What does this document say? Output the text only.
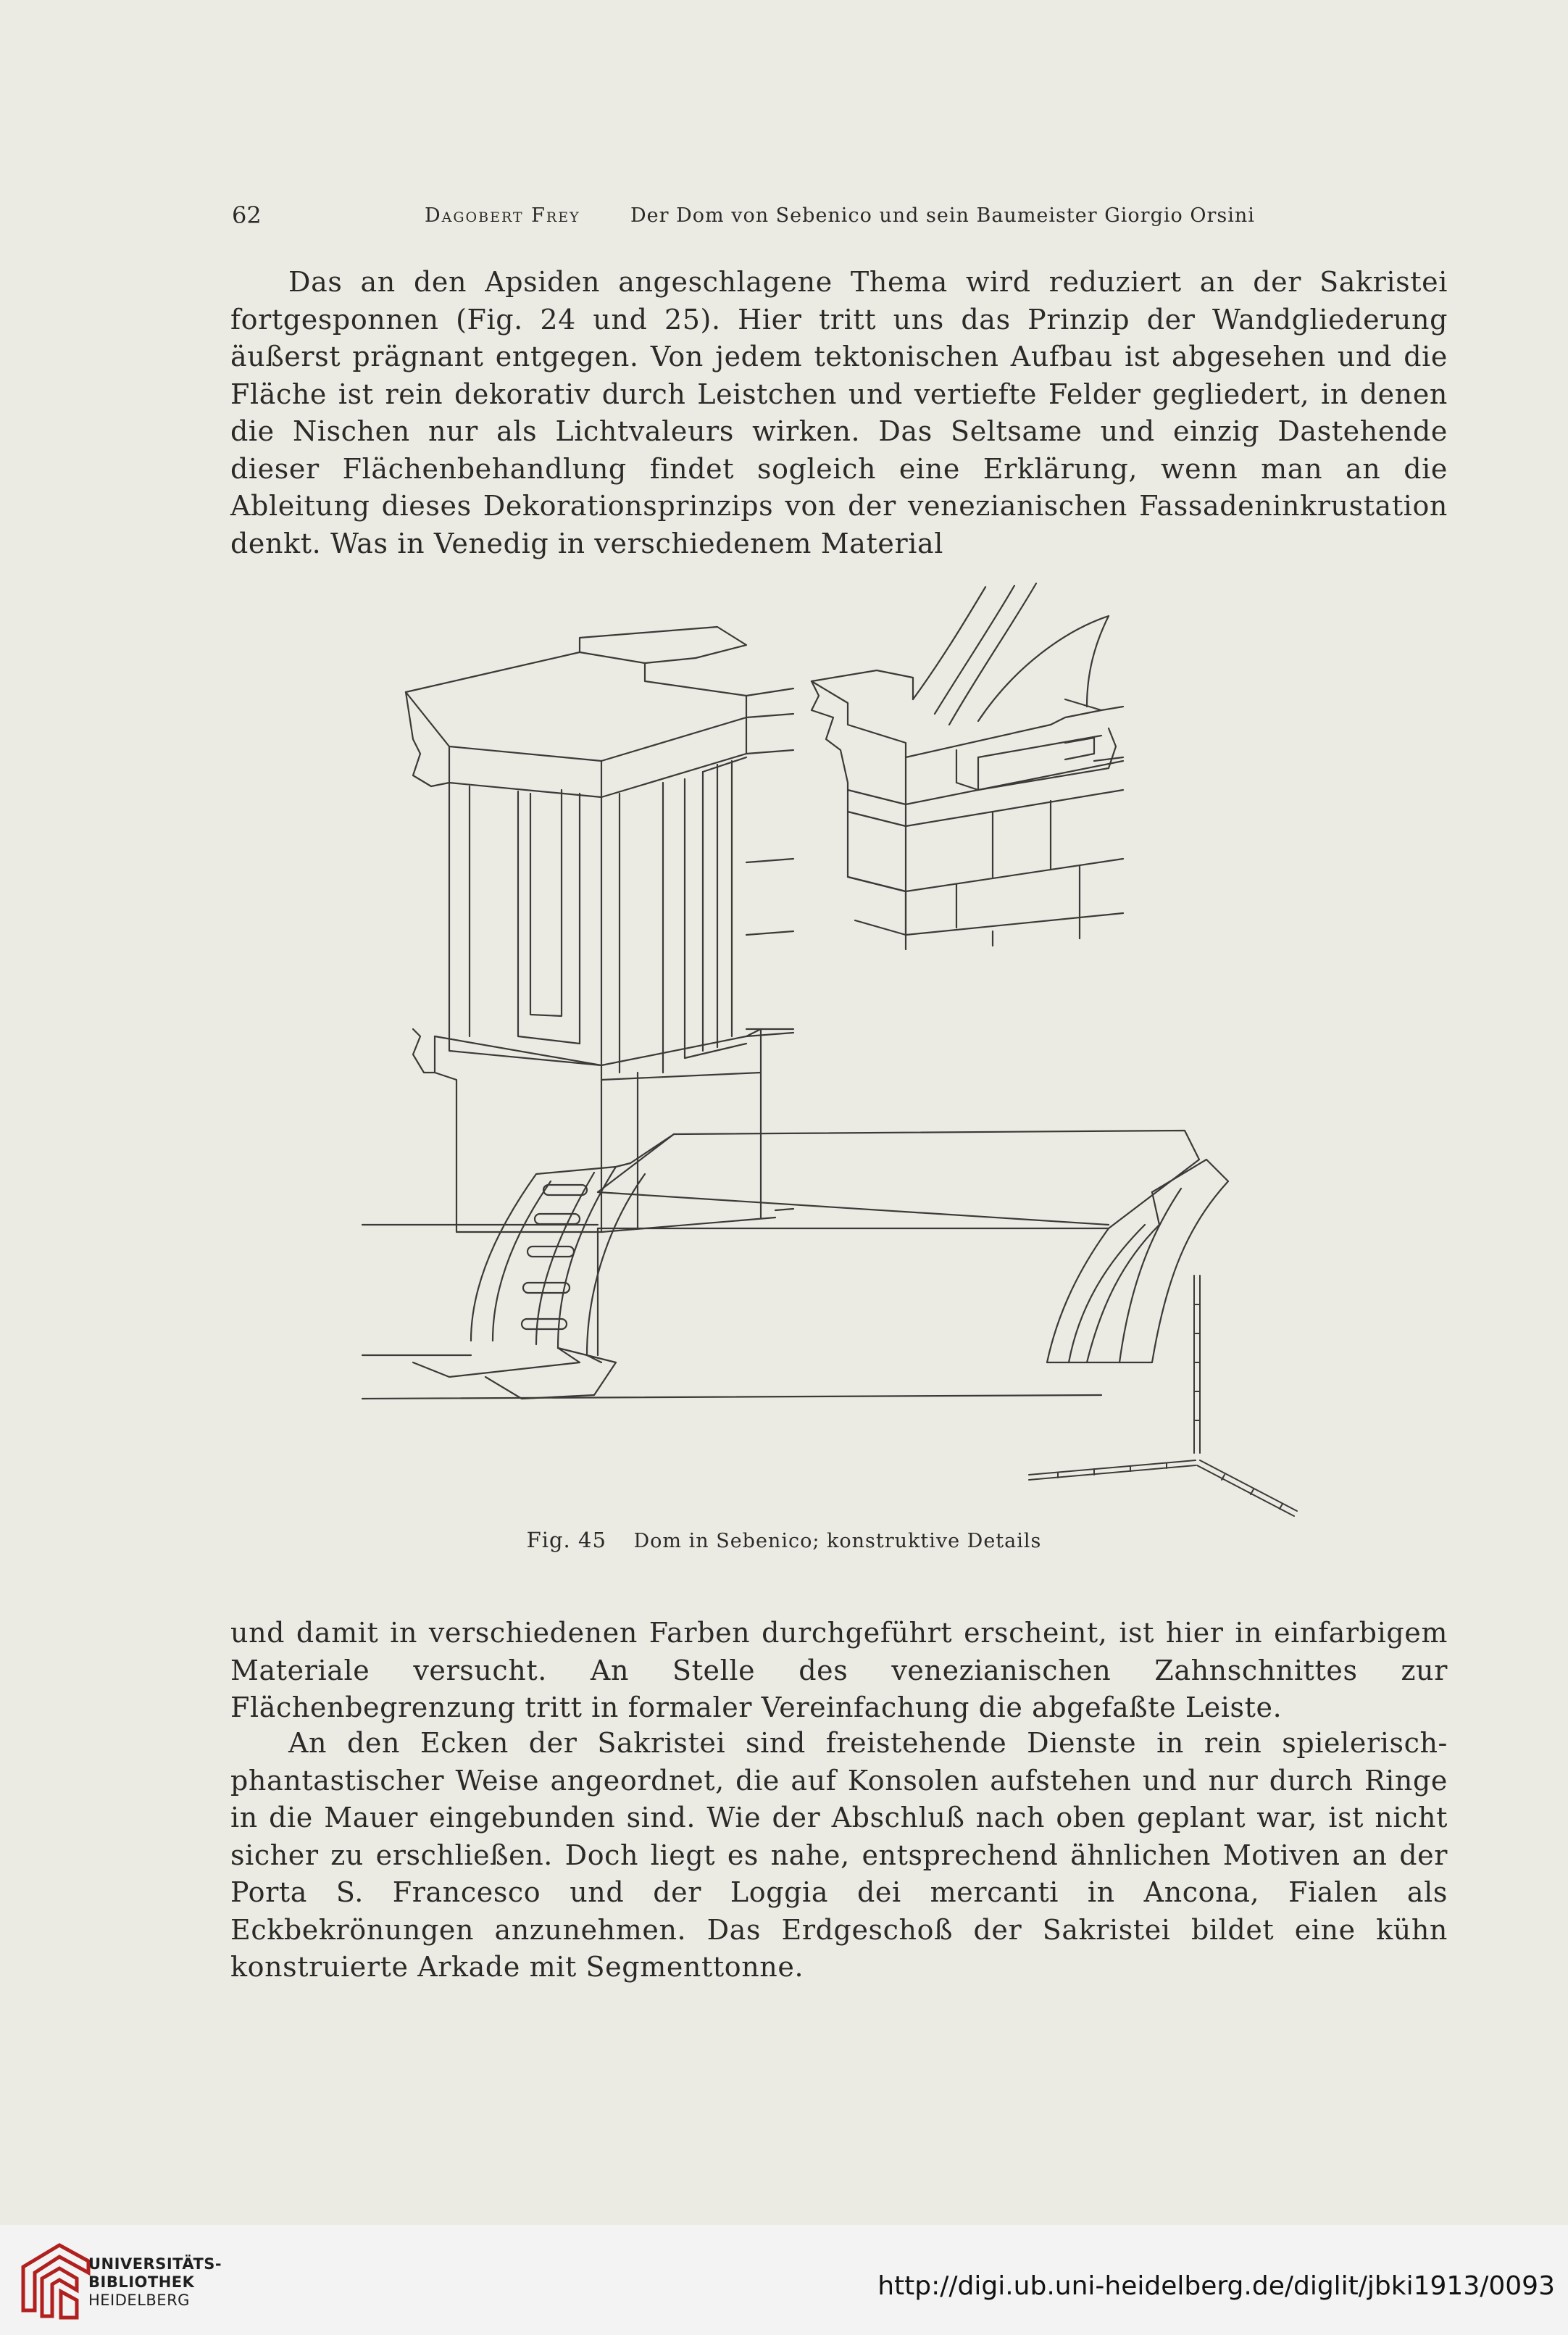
62	Dagobert Frey	Der Dom von Sebenico und sein Baumeister Giorgio Orsini

Das an den Apsiden angeschlagene Thema wird reduziert an der Sakristei fortgesponnen (Fig. 24 und 25). Hier tritt uns das Prinzip der Wandgliederung äußerst prägnant entgegen. Von jedem tektonischen Aufbau ist abgesehen und die Fläche ist rein dekorativ durch Leistchen und vertiefte Felder gegliedert, in denen die Nischen nur als Lichtvaleurs wirken. Das Seltsame und einzig Dastehende dieser Flächenbehandlung findet sogleich eine Erklärung, wenn man an die Ableitung dieses Dekorationsprinzips von der venezianischen Fassadeninkrustation denkt. Was in Venedig in verschiedenem Material

Fig. 45 Dom in Sebenico; konstruktive Details

und damit in verschiedenen Farben durchgeführt erscheint, ist hier in einfarbigem Materiale versucht. An Stelle des venezianischen Zahnschnittes zur Flächenbegrenzung tritt in formaler Vereinfachung die abgefaßte Leiste.

An den Ecken der Sakristei sind freistehende Dienste in rein spielerisch-phantastischer Weise angeordnet, die auf Konsolen aufstehen und nur durch Ringe in die Mauer eingebunden sind. Wie der Abschluß nach oben geplant war, ist nicht sicher zu erschließen. Doch liegt es nahe, entsprechend ähnlichen Motiven an der Porta S. Francesco und der Loggia dei mercanti in Ancona, Fialen als Eckbekrönungen anzunehmen. Das Erdgeschoß der Sakristei bildet eine kühn konstruierte Arkade mit Segmenttonne.

UNIVERSITÄTS-
BIBLIOTHEK
HEIDELBERG	http://digi.ub.uni-heidelberg.de/diglit/jbki1913/0093
